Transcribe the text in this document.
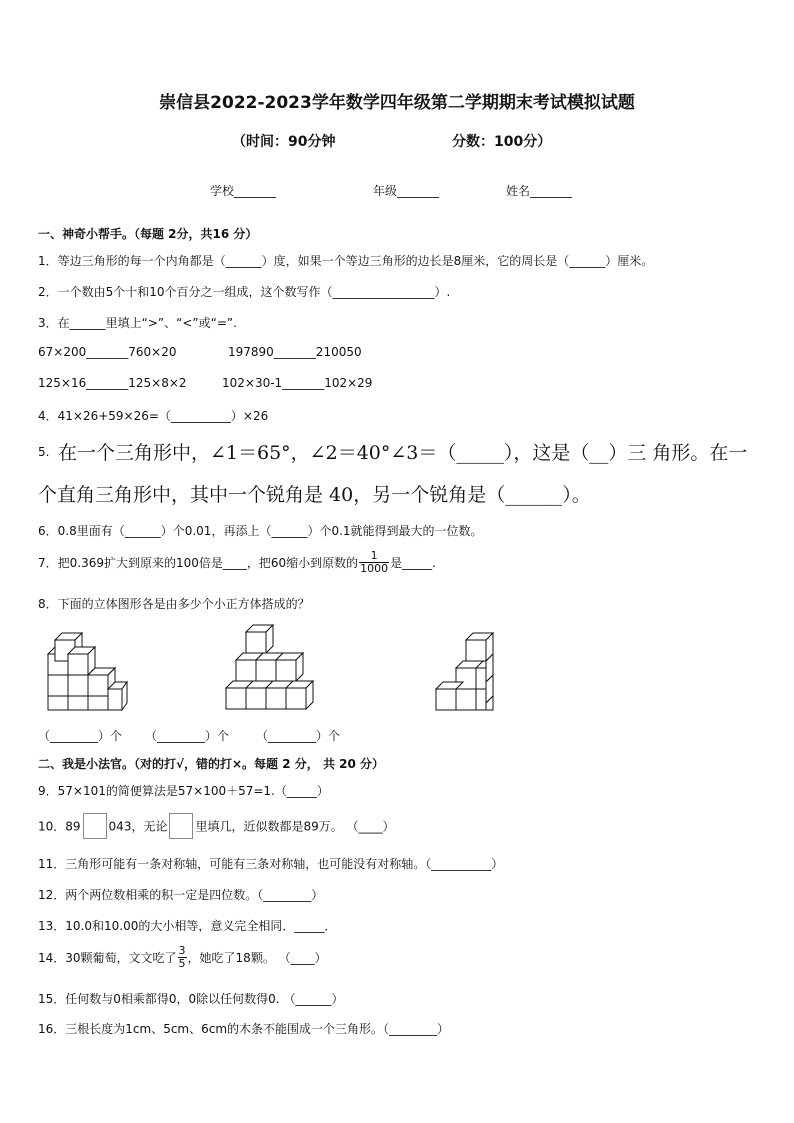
崇信县2022-2023学年数学四年级第二学期期末考试模拟试题
（时间：90分钟	分数：100分）
学校_______	年级_______	姓名_______
一、神奇小帮手。（每题 2分，共16 分）
1．等边三角形的每一个内角都是（______）度，如果一个等边三角形的边长是8厘米，它的周长是（______）厘米。
2．一个数由5个十和10个百分之一组成，这个数写作（_________________）.
3．在______里填上“>”、“<”或“=”.
67×200_______760×20	197890_______210050
125×16_______125×8×2	102×30-1_______102×29
4．41×26+59×26=（__________）×26
5. 在一个三角形中，∠1＝65°，∠2＝40°∠3＝（_____），这是（__）三 角形。在一
个直角三角形中，其中一个锐角是 40，另一个锐角是（______）。
6．0.8里面有（______）个0.01，再添上（______）个0.1就能得到最大的一位数。
7．把0.369扩大到原来的100倍是____，把60缩小到原数的 $\frac{1}{1000}$ 是_____.
8．下面的立体图形各是由多少个小正方体搭成的？
（________）个 （________）个 （________）个
二、我是小法官。（对的打√，错的打×。每题 2 分， 共 20 分）
9．57×101的简便算法是57×100＋57=1.（_____）
10．89 043，无论 里填几，近似数都是89万。 （____）
11．三角形可能有一条对称轴，可能有三条对称轴，也可能没有对称轴。（__________）
12．两个两位数相乘的积一定是四位数。（________）
13．10.0和10.00的大小相等，意义完全相同．_____．
14．30颗葡萄，文文吃了 $\frac{3}{5}$ ，她吃了18颗。 （____）
15．任何数与0相乘都得0，0除以任何数得0. （______）
16．三根长度为1cm、5cm、6cm的木条不能围成一个三角形。（________）
